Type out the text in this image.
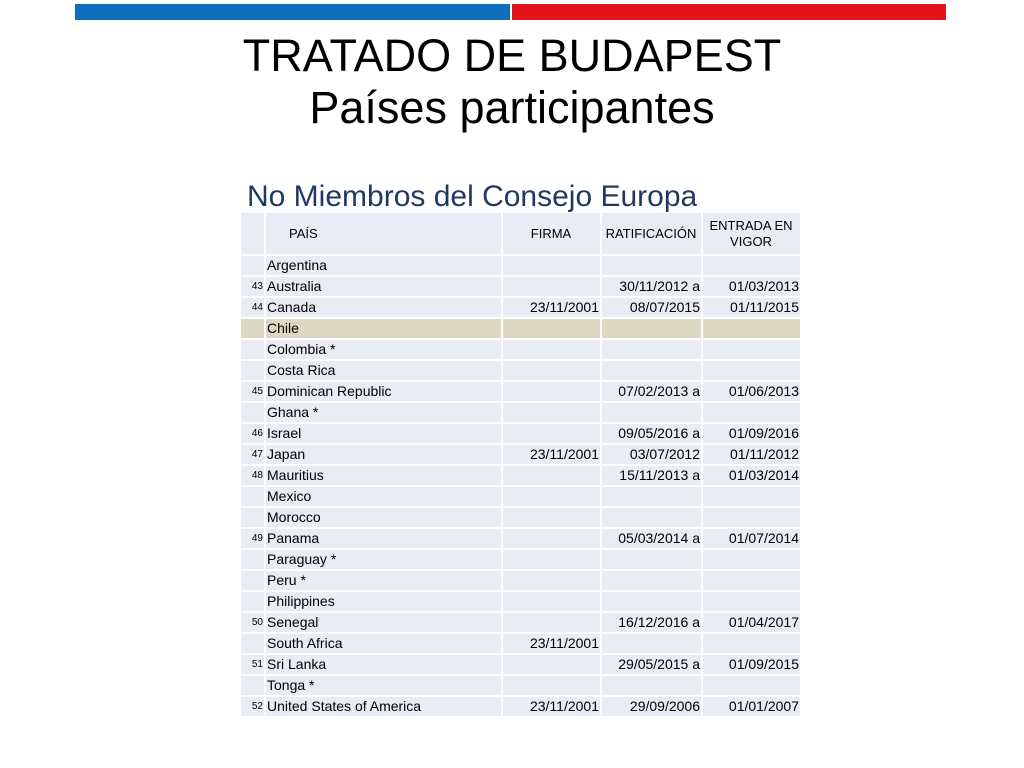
TRATADO DE BUDAPEST
Países participantes
No Miembros del Consejo Europa
	PAÍS	FIRMA	RATIFICACIÓN	ENTRADA EN VIGOR
	Argentina			
43	Australia		30/11/2012 a	01/03/2013
44	Canada	23/11/2001	08/07/2015	01/11/2015
	Chile			
	Colombia *			
	Costa Rica			
45	Dominican Republic		07/02/2013 a	01/06/2013
	Ghana *			
46	Israel		09/05/2016 a	01/09/2016
47	Japan	23/11/2001	03/07/2012	01/11/2012
48	Mauritius		15/11/2013 a	01/03/2014
	Mexico			
	Morocco			
49	Panama		05/03/2014 a	01/07/2014
	Paraguay *			
	Peru *			
	Philippines			
50	Senegal		16/12/2016 a	01/04/2017
	South Africa	23/11/2001		
51	Sri Lanka		29/05/2015 a	01/09/2015
	Tonga *			
52	United States of America	23/11/2001	29/09/2006	01/01/2007
